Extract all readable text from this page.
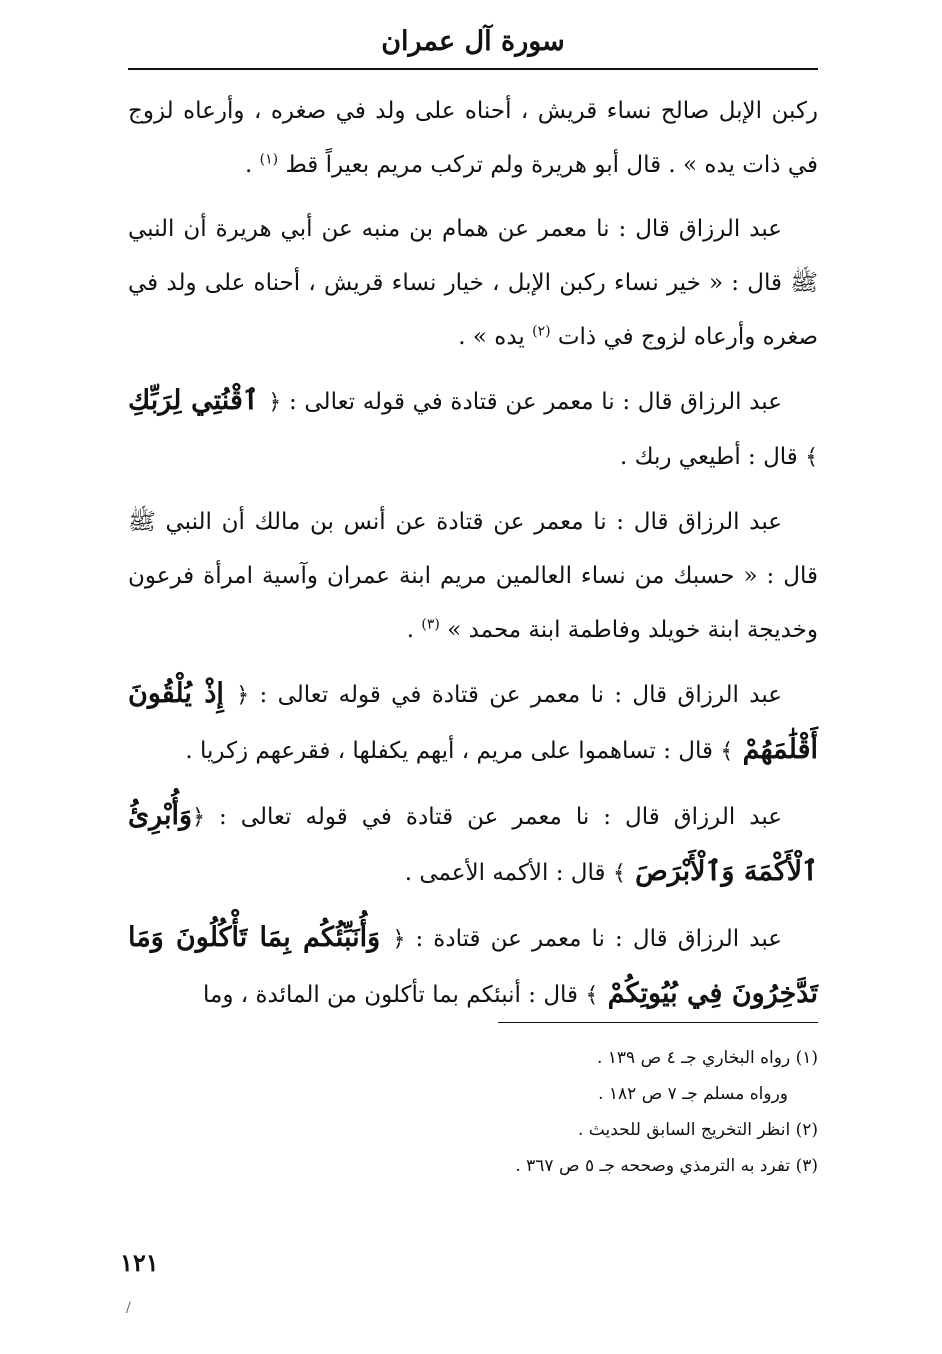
سورة آل عمران

ركبن الإبل صالح نساء قريش ، أحناه على ولد في صغره ، وأرعاه لزوج في ذات يده » . قال أبو هريرة ولم تركب مريم بعيراً قط $^{(١)}$ .

عبد الرزاق قال : نا معمر عن همام بن منبه عن أبي هريرة أن النبي ﷺ قال : « خير نساء ركبن الإبل ، خيار نساء قريش ، أحناه على ولد في صغره وأرعاه لزوج في ذات $^{(٢)}$ يده » .

عبد الرزاق قال : نا معمر عن قتادة في قوله تعالى : ﴿ ٱقْنُتِي لِرَبِّكِ ﴾ قال : أطيعي ربك .

عبد الرزاق قال : نا معمر عن قتادة عن أنس بن مالك أن النبي ﷺ قال : « حسبك من نساء العالمين مريم ابنة عمران وآسية امرأة فرعون وخديجة ابنة خويلد وفاطمة ابنة محمد » $^{(٣)}$ .

عبد الرزاق قال : نا معمر عن قتادة في قوله تعالى : ﴿ إِذْ يُلْقُونَ أَقْلَٰمَهُمْ ﴾ قال : تساهموا على مريم ، أيهم يكفلها ، فقرعهم زكريا .

عبد الرزاق قال : نا معمر عن قتادة في قوله تعالى : ﴿وَأُبْرِئُ ٱلْأَكْمَهَ وَٱلْأَبْرَصَ ﴾ قال : الأكمه الأعمى .

عبد الرزاق قال : نا معمر عن قتادة : ﴿ وَأُنَبِّئُكُم بِمَا تَأْكُلُونَ وَمَا تَدَّخِرُونَ فِي بُيُوتِكُمْ ﴾ قال : أنبئكم بما تأكلون من المائدة ، وما

(١) رواه البخاري جـ ٤ ص ١٣٩ .

ورواه مسلم جـ ٧ ص ١٨٢ .

(٢) انظر التخريج السابق للحديث .

(٣) تفرد به الترمذي وصححه جـ ٥ ص ٣٦٧ .

١٢١
/
